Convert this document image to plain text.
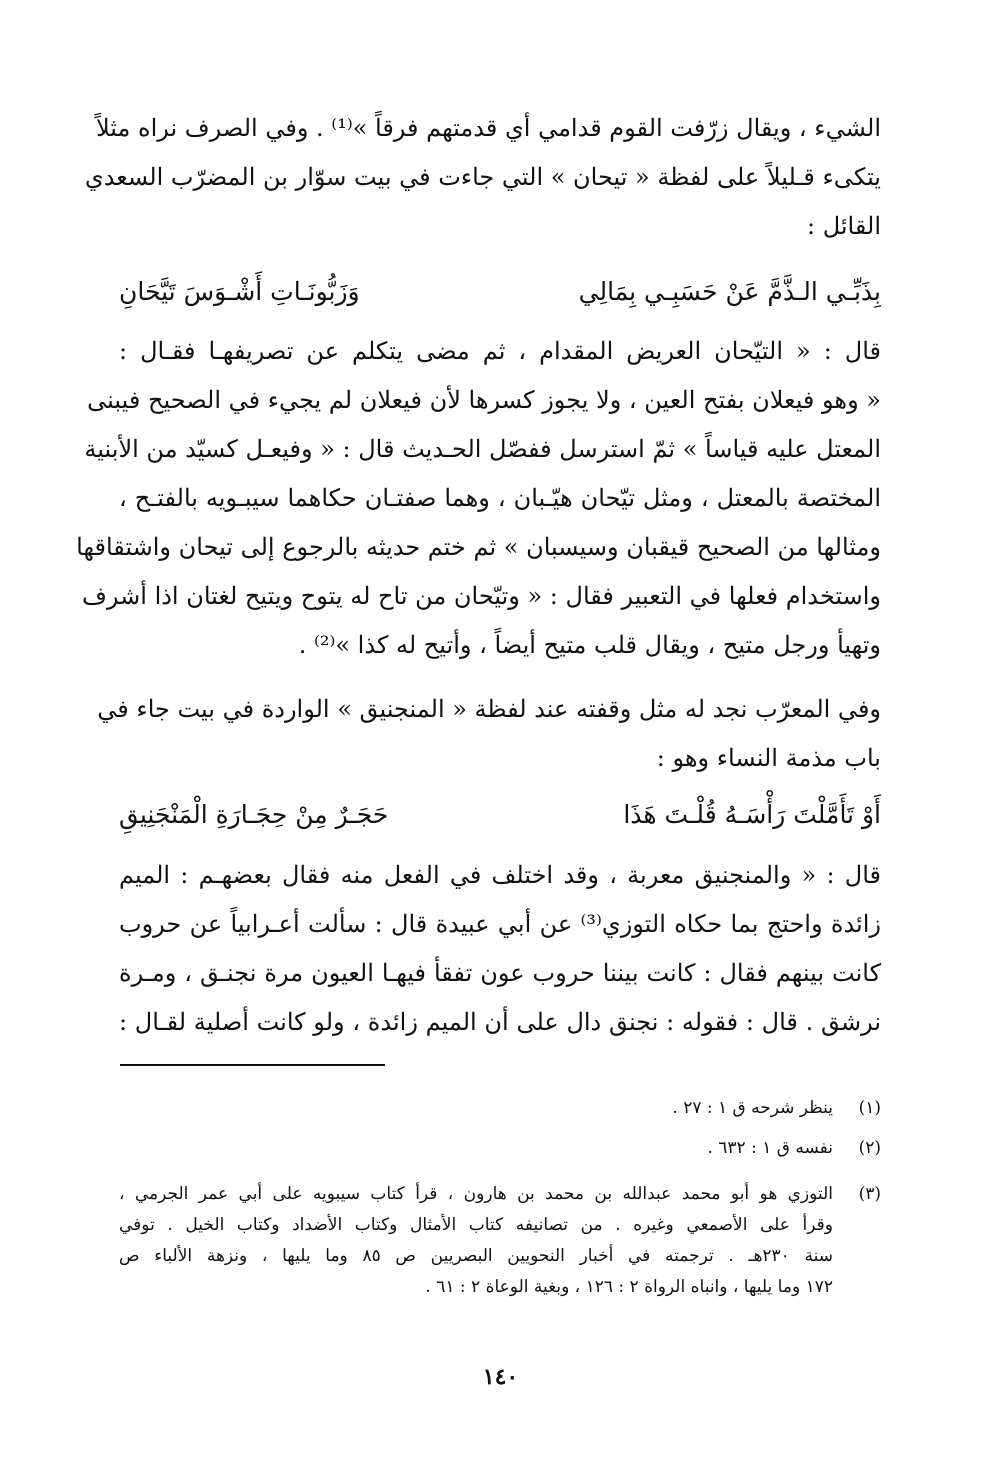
الشيء ، ويقال زرّفت القوم قدامي أي قدمتهم فرقاً »⁽¹⁾ . وفي الصرف نراه مثلاً
يتكىء قـليلاً على لفظة « تيحان » التي جاءت في بيت سوّار بن المضرّب السعدي
القائل :
بِذَبِّـي الـذَّمَّ عَنْ حَسَبِـي بِمَالِي
وَزَبُّونَـاتِ أَشْـوَسَ تَيَّحَانِ
قال : « التيّحان العريض المقدام ، ثم مضى يتكلم عن تصريفهـا فقـال :
« وهو فيعلان بفتح العين ، ولا يجوز كسرها لأن فيعلان لم يجيء في الصحيح فيبنى
المعتل عليه قياساً » ثمّ استرسل ففصّل الحـديث قال : « وفيعـل كسيّد من الأبنية
المختصة بالمعتل ، ومثل تيّحان هيّـبان ، وهما صفتـان حكاهما سيبـويه بالفتـح ،
ومثالها من الصحيح قيقبان وسيسبان » ثم ختم حديثه بالرجوع إلى تيحان واشتقاقها
واستخدام فعلها في التعبير فقال : « وتيّحان من تاح له يتوح ويتيح لغتان اذا أشرف
وتهيأ ورجل متيح ، ويقال قلب متيح أيضاً ، وأتيح له كذا »⁽²⁾ .
وفي المعرّب نجد له مثل وقفته عند لفظة « المنجنيق » الواردة في بيت جاء في
باب مذمة النساء وهو :
أَوْ تَأَمَّلْتَ رَأْسَـهُ قُلْـتَ هَذَا
حَجَـرٌ مِنْ حِجَـارَةِ الْمَنْجَنِيقِ
قال : « والمنجنيق معربة ، وقد اختلف في الفعل منه فقال بعضهـم : الميم
زائدة واحتج بما حكاه التوزي⁽³⁾ عن أبي عبيدة قال : سألت أعـرابياً عن حروب
كانت بينهم فقال : كانت بيننا حروب عون تفقأ فيهـا العيون مرة نجنـق ، ومـرة
نرشق . قال : فقوله : نجنق دال على أن الميم زائدة ، ولو كانت أصلية لقـال :
(١)
ينظر شرحه ق ١ : ٢٧ .
(٢)
نفسه ق ١ : ٦٣٢ .
(٣)
التوزي هو أبو محمد عبدالله بن محمد بن هارون ، قرأ كتاب سيبويه على أبي عمر الجرمي ،
وقرأ على الأصمعي وغيره . من تصانيفه كتاب الأمثال وكتاب الأضداد وكتاب الخيل . توفي
سنة ٢٣٠هـ . ترجمته في أخبار النحويين البصريين ص ٨٥ وما يليها ، ونزهة الألباء ص
١٧٢ وما يليها ، وانباه الرواة ٢ : ١٢٦ ، وبغية الوعاة ٢ : ٦١ .
١٤٠
